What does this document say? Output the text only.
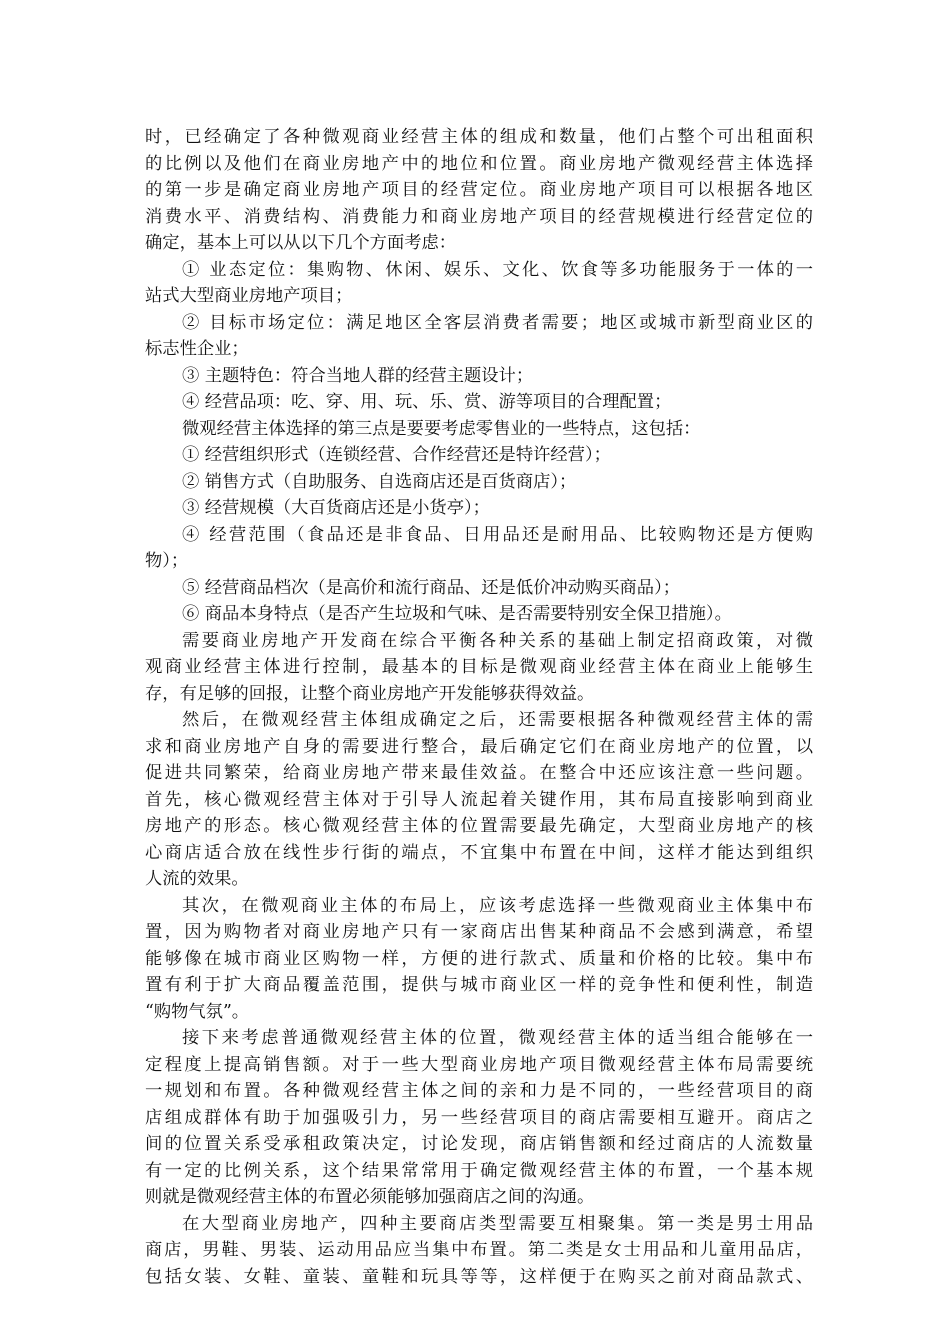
时，已经确定了各种微观商业经营主体的组成和数量，他们占整个可出租面积
的比例以及他们在商业房地产中的地位和位置。商业房地产微观经营主体选择
的第一步是确定商业房地产项目的经营定位。商业房地产项目可以根据各地区
消费水平、消费结构、消费能力和商业房地产项目的经营规模进行经营定位的
确定，基本上可以从以下几个方面考虑：
① 业态定位：集购物、休闲、娱乐、文化、饮食等多功能服务于一体的一
站式大型商业房地产项目；
② 目标市场定位：满足地区全客层消费者需要；地区或城市新型商业区的
标志性企业；
③ 主题特色：符合当地人群的经营主题设计；
④ 经营品项：吃、穿、用、玩、乐、赏、游等项目的合理配置；
微观经营主体选择的第三点是要要考虑零售业的一些特点，这包括：
① 经营组织形式（连锁经营、合作经营还是特许经营）；
② 销售方式（自助服务、自选商店还是百货商店）；
③ 经营规模（大百货商店还是小货亭）；
④ 经营范围（食品还是非食品、日用品还是耐用品、比较购物还是方便购
物）；
⑤ 经营商品档次（是高价和流行商品、还是低价冲动购买商品）；
⑥ 商品本身特点（是否产生垃圾和气味、是否需要特别安全保卫措施）。
需要商业房地产开发商在综合平衡各种关系的基础上制定招商政策，对微
观商业经营主体进行控制，最基本的目标是微观商业经营主体在商业上能够生
存，有足够的回报，让整个商业房地产开发能够获得效益。
然后，在微观经营主体组成确定之后，还需要根据各种微观经营主体的需
求和商业房地产自身的需要进行整合，最后确定它们在商业房地产的位置，以
促进共同繁荣，给商业房地产带来最佳效益。在整合中还应该注意一些问题。
首先，核心微观经营主体对于引导人流起着关键作用，其布局直接影响到商业
房地产的形态。核心微观经营主体的位置需要最先确定，大型商业房地产的核
心商店适合放在线性步行街的端点，不宜集中布置在中间，这样才能达到组织
人流的效果。
其次，在微观商业主体的布局上，应该考虑选择一些微观商业主体集中布
置，因为购物者对商业房地产只有一家商店出售某种商品不会感到满意，希望
能够像在城市商业区购物一样，方便的进行款式、质量和价格的比较。集中布
置有利于扩大商品覆盖范围，提供与城市商业区一样的竞争性和便利性，制造
“购物气氛”。
接下来考虑普通微观经营主体的位置，微观经营主体的适当组合能够在一
定程度上提高销售额。对于一些大型商业房地产项目微观经营主体布局需要统
一规划和布置。各种微观经营主体之间的亲和力是不同的，一些经营项目的商
店组成群体有助于加强吸引力，另一些经营项目的商店需要相互避开。商店之
间的位置关系受承租政策决定，讨论发现，商店销售额和经过商店的人流数量
有一定的比例关系，这个结果常常用于确定微观经营主体的布置，一个基本规
则就是微观经营主体的布置必须能够加强商店之间的沟通。
在大型商业房地产，四种主要商店类型需要互相聚集。第一类是男士用品
商店，男鞋、男装、运动用品应当集中布置。第二类是女士用品和儿童用品店，
包括女装、女鞋、童装、童鞋和玩具等等，这样便于在购买之前对商品款式、
